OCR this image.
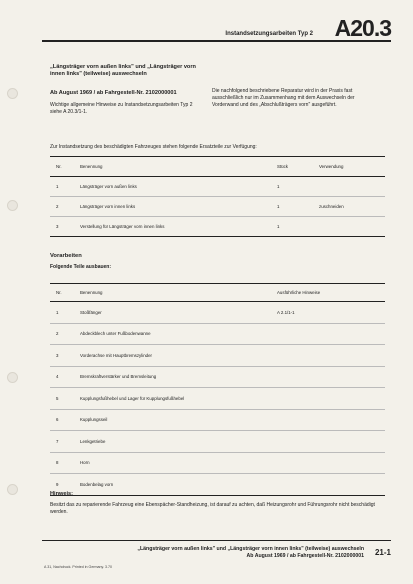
Instandsetzungsarbeiten Typ 2 A20.3

„Längsträger vorn außen links" und „Längsträger vorn innen links" (teilweise) auswechseln

Ab August 1969 / ab Fahrgestell-Nr. 2102000001
Wichtige allgemeine Hinweise zu Instandsetzungsarbeiten Typ 2 siehe A 20.3/1-1.
Die nachfolgend beschriebene Reparatur wird in der Praxis fast ausschließlich nur im Zusammenhang mit dem Auswechseln der Vorderwand und des „Abschlußträgers vorn" ausgeführt.
Zur Instandsetzung des beschädigten Fahrzeuges stehen folgende Ersatzteile zur Verfügung:
Nr.	Benennung	Stück	Verwendung
1	Längsträger vorn außen links	1	
2	Längsträger vorn innen links	1	zuschneiden
3	Verstellung für Längsträger vorn innen links	1	
Vorarbeiten
Folgende Teile ausbauen:
Nr.	Benennung	Ausführliche Hinweise
1	Stoßfänger	A 2.1/1-1
2	Abdeckblech unter Fußbodenwanne	
3	Vorderachse mit Hauptbremszylinder	
4	Bremskraftverstärker und Bremsleitung	
5	Kupplungsfußhebel und Lager für Kupplungsfußhebel	
6	Kupplungsseil	
7	Lenkgetriebe	
8	Horn	
9	Bodenbelag vorn	
Hinweis:
Besitzt das zu reparierende Fahrzeug eine Ebenspächer-Standheizung, ist darauf zu achten, daß Heizungsrohr und Führungsrohr nicht beschädigt werden.
„Längsträger vorn außen links" und „Längsträger vorn innen links" (teilweise) auswechseln
Ab August 1969 / ab Fahrgestell-Nr. 2102000001 21-1
A 31, Nachdruck. Printed in Germany. 3.70
